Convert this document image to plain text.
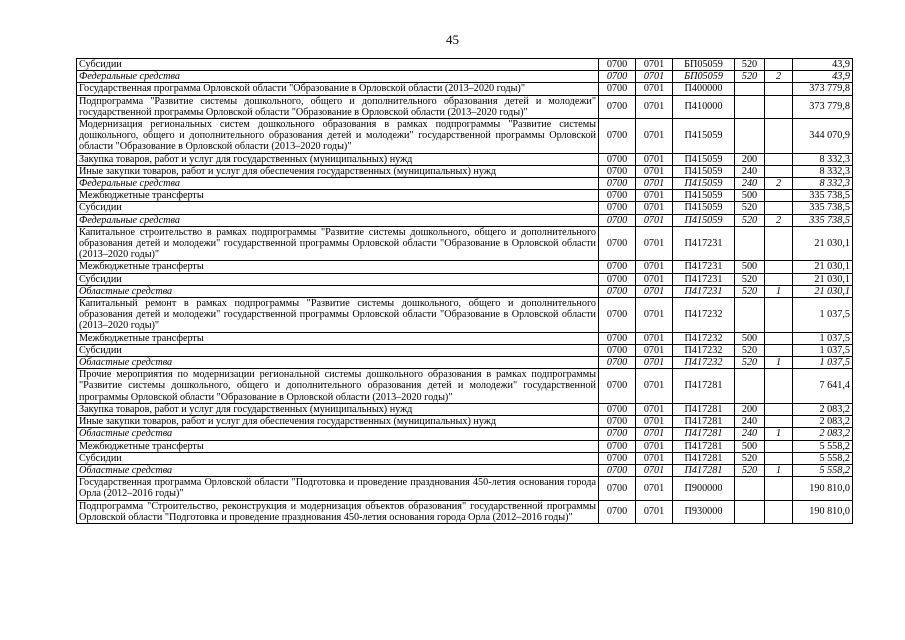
45
Субсидии	0700	0701	БП05059	520		43,9
Федеральные средства	0700	0701	БП05059	520	2	43,9
Государственная программа Орловской области "Образование в Орловской области (2013–2020 годы)"	0700	0701	П400000			373 779,8
Подпрограмма "Развитие системы дошкольного, общего и дополнительного образования детей и молодежи" государственной программы Орловской области "Образование в Орловской области (2013–2020 годы)"	0700	0701	П410000			373 779,8
Модернизация региональных систем дошкольного образования в рамках подпрограммы "Развитие системы дошкольного, общего и дополнительного образования детей и молодежи" государственной программы Орловской области "Образование в Орловской области (2013–2020 годы)"	0700	0701	П415059			344 070,9
Закупка товаров, работ и услуг для государственных (муниципальных) нужд	0700	0701	П415059	200		8 332,3
Иные закупки товаров, работ и услуг для обеспечения государственных (муниципальных) нужд	0700	0701	П415059	240		8 332,3
Федеральные средства	0700	0701	П415059	240	2	8 332,3
Межбюджетные трансферты	0700	0701	П415059	500		335 738,5
Субсидии	0700	0701	П415059	520		335 738,5
Федеральные средства	0700	0701	П415059	520	2	335 738,5
Капитальное строительство в рамках подпрограммы "Развитие системы дошкольного, общего и дополнительного образования детей и молодежи" государственной программы Орловской области "Образование в Орловской области (2013–2020 годы)"	0700	0701	П417231			21 030,1
Межбюджетные трансферты	0700	0701	П417231	500		21 030,1
Субсидии	0700	0701	П417231	520		21 030,1
Областные средства	0700	0701	П417231	520	1	21 030,1
Капитальный ремонт в рамках подпрограммы "Развитие системы дошкольного, общего и дополнительного образования детей и молодежи" государственной программы Орловской области "Образование в Орловской области (2013–2020 годы)"	0700	0701	П417232			1 037,5
Межбюджетные трансферты	0700	0701	П417232	500		1 037,5
Субсидии	0700	0701	П417232	520		1 037,5
Областные средства	0700	0701	П417232	520	1	1 037,5
Прочие мероприятия по модернизации региональной системы дошкольного образования в рамках подпрограммы "Развитие системы дошкольного, общего и дополнительного образования детей и молодежи" государственной программы Орловской области "Образование в Орловской области (2013–2020 годы)"	0700	0701	П417281			7 641,4
Закупка товаров, работ и услуг для государственных (муниципальных) нужд	0700	0701	П417281	200		2 083,2
Иные закупки товаров, работ и услуг для обеспечения государственных (муниципальных) нужд	0700	0701	П417281	240		2 083,2
Областные средства	0700	0701	П417281	240	1	2 083,2
Межбюджетные трансферты	0700	0701	П417281	500		5 558,2
Субсидии	0700	0701	П417281	520		5 558,2
Областные средства	0700	0701	П417281	520	1	5 558,2
Государственная программа Орловской области "Подготовка и проведение празднования 450-летия основания города Орла (2012–2016 годы)"	0700	0701	П900000			190 810,0
Подпрограмма "Строительство, реконструкция и модернизация объектов образования" государственной программы Орловской области "Подготовка и проведение празднования 450-летия основания города Орла (2012–2016 годы)"	0700	0701	П930000			190 810,0
